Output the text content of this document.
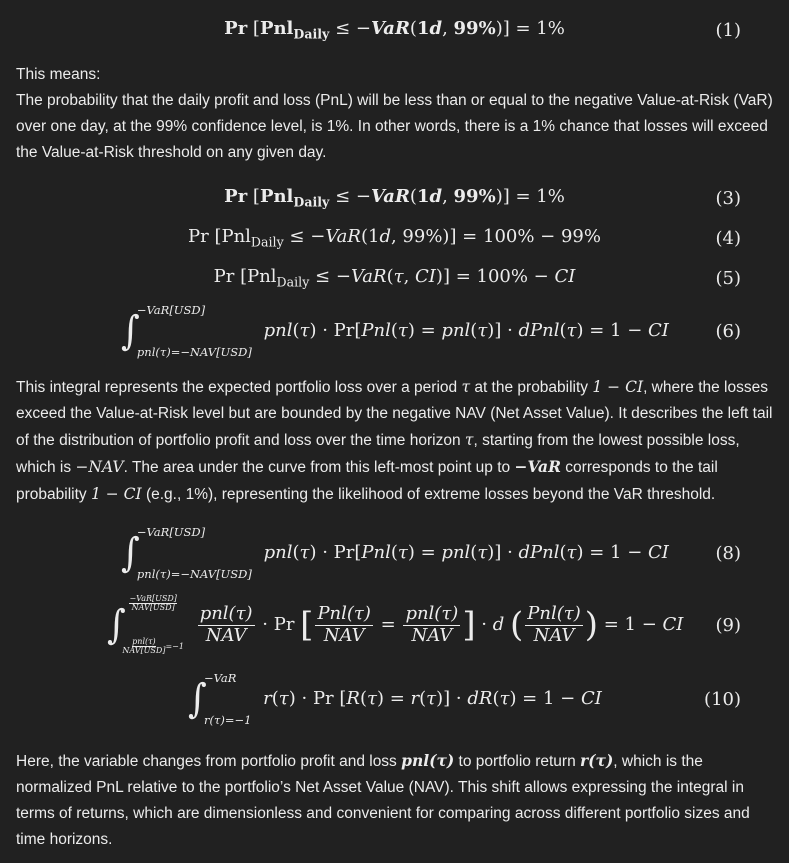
Pr [Pnl$_{Daily}$ ≤ −VaR(1d, 99%)] = 1%	(1)

This means:

The probability that the daily profit and loss (PnL) will be less than or equal to the negative Value-at-Risk (VaR) over one day, at the 99% confidence level, is 1%. In other words, there is a 1% chance that losses will exceed the Value-at-Risk threshold on any given day.

Pr [Pnl$_{Daily}$ ≤ −VaR(1d, 99%)] = 1%	(3)
Pr [Pnl$_{Daily}$ ≤ −VaR(1d, 99%)] = 100% − 99%	(4)
Pr [Pnl$_{Daily}$ ≤ −VaR(τ, CI)] = 100% − CI	(5)
∫
−VaR[USD]
pnl(τ)=−NAV[USD]
pnl(τ) · Pr[Pnl(τ) = pnl(τ)] · dPnl(τ) = 1 − CI	(6)

This integral represents the expected portfolio loss over a period τ at the probability 1 − CI, where the losses exceed the Value-at-Risk level but are bounded by the negative NAV (Net Asset Value). It describes the left tail of the distribution of portfolio profit and loss over the time horizon τ, starting from the lowest possible loss, which is −NAV. The area under the curve from this left-most point up to −VaR corresponds to the tail probability 1 − CI (e.g., 1%), representing the likelihood of extreme losses beyond the VaR threshold.

∫
−VaR[USD]
pnl(τ)=−NAV[USD]
pnl(τ) · Pr[Pnl(τ) = pnl(τ)] · dPnl(τ) = 1 − CI	(8)
∫
−VaR[USD]
NAV[USD]
pnl(τ)
NAV[USD] =−1
$\frac{\text{pnl(τ)}}{\text{NAV}} \cdot Pr$ [ $\frac{\text{Pnl(τ)}}{\text{NAV}} = \frac{\text{pnl(τ)}}{\text{NAV}}$ ] · d ( $\frac{\text{Pnl(τ)}}{\text{NAV}}$ ) = 1 − CI (9)
∫
−VaR
r(τ)=−1
r(τ) · Pr [R(τ) = r(τ)] · dR(τ) = 1 − CI	(10)

Here, the variable changes from portfolio profit and loss pnl(τ) to portfolio return r(τ), which is the normalized PnL relative to the portfolio’s Net Asset Value (NAV). This shift allows expressing the integral in terms of returns, which are dimensionless and convenient for comparing across different portfolio sizes and time horizons.
